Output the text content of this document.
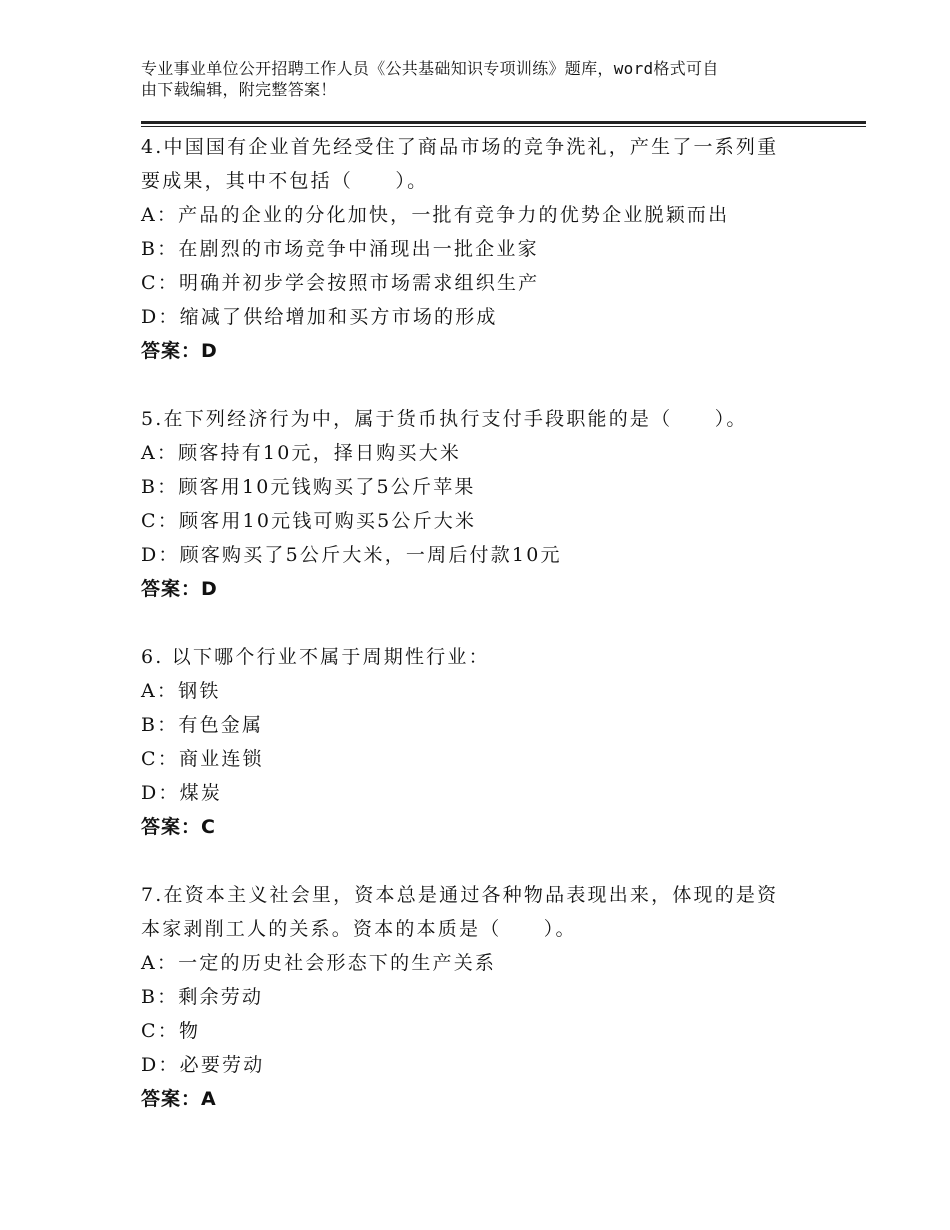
专业事业单位公开招聘工作人员《公共基础知识专项训练》题库，word格式可自
由下载编辑，附完整答案！

4.中国国有企业首先经受住了商品市场的竞争洗礼，产生了一系列重

要成果，其中不包括（　　）。

A：产品的企业的分化加快，一批有竞争力的优势企业脱颖而出

B：在剧烈的市场竞争中涌现出一批企业家

C：明确并初步学会按照市场需求组织生产

D：缩减了供给增加和买方市场的形成

答案：D

5.在下列经济行为中，属于货币执行支付手段职能的是（　　）。

A：顾客持有10元，择日购买大米

B：顾客用10元钱购买了5公斤苹果

C：顾客用10元钱可购买5公斤大米

D：顾客购买了5公斤大米，一周后付款10元

答案：D

6. 以下哪个行业不属于周期性行业：

A：钢铁

B：有色金属

C：商业连锁

D：煤炭

答案：C

7.在资本主义社会里，资本总是通过各种物品表现出来，体现的是资

本家剥削工人的关系。资本的本质是（　　）。

A：一定的历史社会形态下的生产关系

B：剩余劳动

C：物

D：必要劳动

答案：A
